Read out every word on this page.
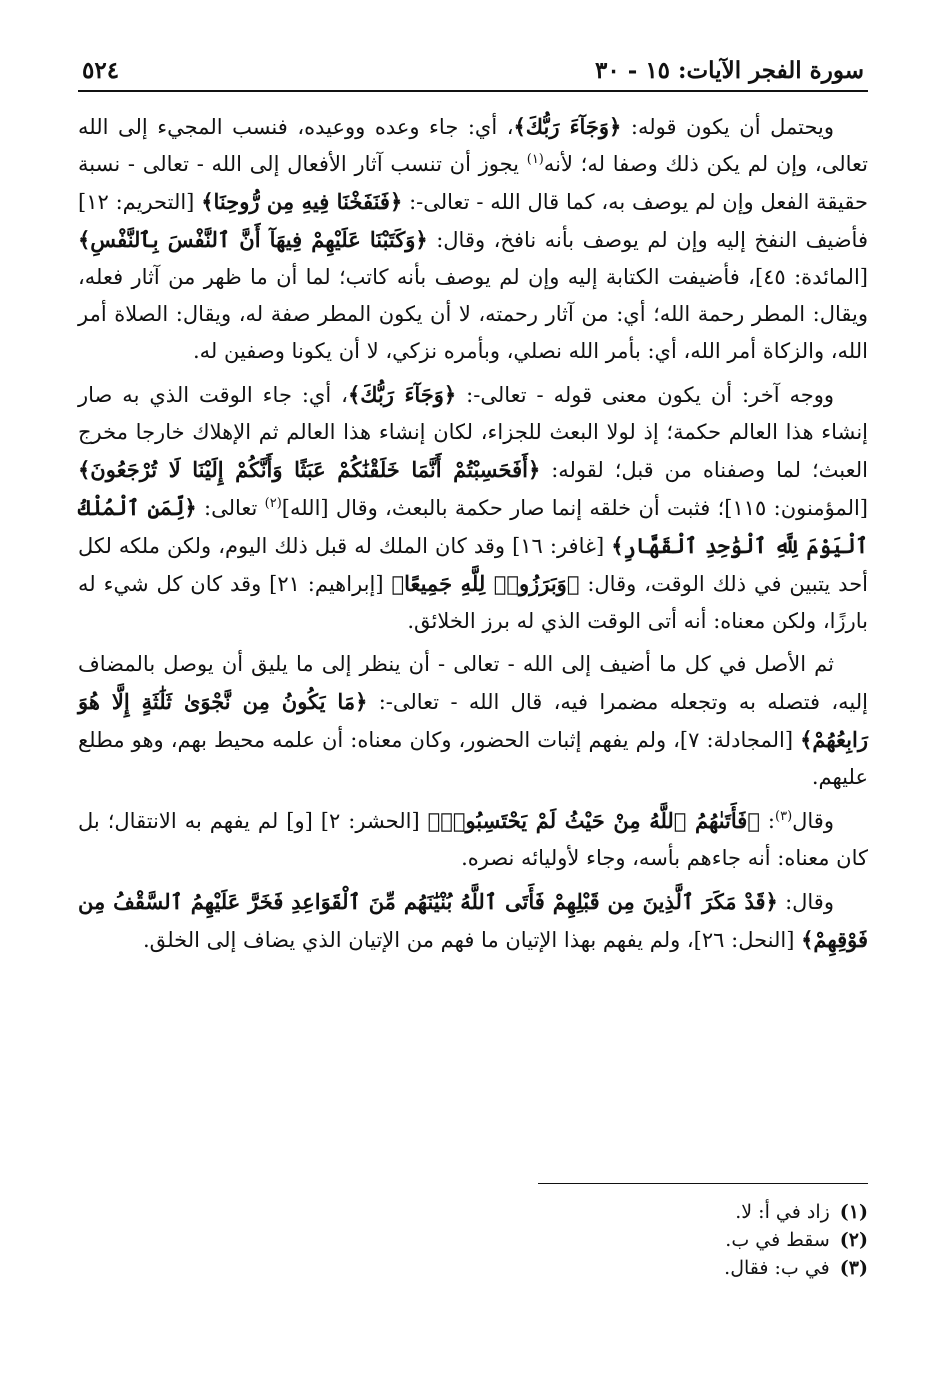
سورة الفجر الآيات: ١٥ - ٣٠
٥٢٤

ويحتمل أن يكون قوله: ﴿وَجَآءَ رَبُّكَ﴾، أي: جاء وعده ووعيده، فنسب المجيء إلى الله تعالى، وإن لم يكن ذلك وصفا له؛ لأنه$^{(١)}$ يجوز أن تنسب آثار الأفعال إلى الله - تعالى - نسبة حقيقة الفعل وإن لم يوصف به، كما قال الله - تعالى-: ﴿فَنَفَخْنَا فِيهِ مِن رُّوحِنَا﴾ [التحريم: ١٢] فأضيف النفخ إليه وإن لم يوصف بأنه نافخ، وقال: ﴿وَكَتَبْنَا عَلَيْهِمْ فِيهَآ أَنَّ ٱلنَّفْسَ بِٱلنَّفْسِ﴾ [المائدة: ٤٥]، فأضيفت الكتابة إليه وإن لم يوصف بأنه كاتب؛ لما أن ما ظهر من آثار فعله، ويقال: المطر رحمة الله؛ أي: من آثار رحمته، لا أن يكون المطر صفة له، ويقال: الصلاة أمر الله، والزكاة أمر الله، أي: بأمر الله نصلي، وبأمره نزكي، لا أن يكونا وصفين له.

ووجه آخر: أن يكون معنى قوله - تعالى-: ﴿وَجَآءَ رَبُّكَ﴾، أي: جاء الوقت الذي به صار إنشاء هذا العالم حكمة؛ إذ لولا البعث للجزاء، لكان إنشاء هذا العالم ثم الإهلاك خارجا مخرج العبث؛ لما وصفناه من قبل؛ لقوله: ﴿أَفَحَسِبْتُمْ أَنَّمَا خَلَقْنَٰكُمْ عَبَثًا وَأَنَّكُمْ إِلَيْنَا لَا تُرْجَعُونَ﴾ [المؤمنون: ١١٥]؛ فثبت أن خلقه إنما صار حكمة بالبعث، وقال [الله]$^{(٢)}$ تعالى: ﴿لِّمَنِ ٱلْمُلْكُ ٱلْيَوْمَ لِلَّهِ ٱلْوَٰحِدِ ٱلْقَهَّارِ﴾ [غافر: ١٦] وقد كان الملك له قبل ذلك اليوم، ولكن ملكه لكل أحد يتبين في ذلك الوقت، وقال: ﴿وَبَرَزُوا۟ لِلَّهِ جَمِيعًا﴾ [إبراهيم: ٢١] وقد كان كل شيء له بارزًا، ولكن معناه: أنه أتى الوقت الذي له برز الخلائق.

ثم الأصل في كل ما أضيف إلى الله - تعالى - أن ينظر إلى ما يليق أن يوصل بالمضاف إليه، فتصله به وتجعله مضمرا فيه، قال الله - تعالى-: ﴿مَا يَكُونُ مِن نَّجْوَىٰ ثَلَٰثَةٍ إِلَّا هُوَ رَابِعُهُمْ﴾ [المجادلة: ٧]، ولم يفهم إثبات الحضور، وكان معناه: أن علمه محيط بهم، وهو مطلع عليهم.

وقال$^{(٣)}$: ﴿فَأَتَىٰهُمُ ٱللَّهُ مِنْ حَيْثُ لَمْ يَحْتَسِبُوا۟﴾ [الحشر: ٢] [و] لم يفهم به الانتقال؛ بل كان معناه: أنه جاءهم بأسه، وجاء لأوليائه نصره.

وقال: ﴿قَدْ مَكَرَ ٱلَّذِينَ مِن قَبْلِهِمْ فَأَتَى ٱللَّهُ بُنْيَٰنَهُم مِّنَ ٱلْقَوَاعِدِ فَخَرَّ عَلَيْهِمُ ٱلسَّقْفُ مِن فَوْقِهِمْ﴾ [النحل: ٢٦]، ولم يفهم بهذا الإتيان ما فهم من الإتيان الذي يضاف إلى الخلق.

(١)
زاد في أ: لا.
(٢)
سقط في ب.
(٣)
في ب: فقال.
